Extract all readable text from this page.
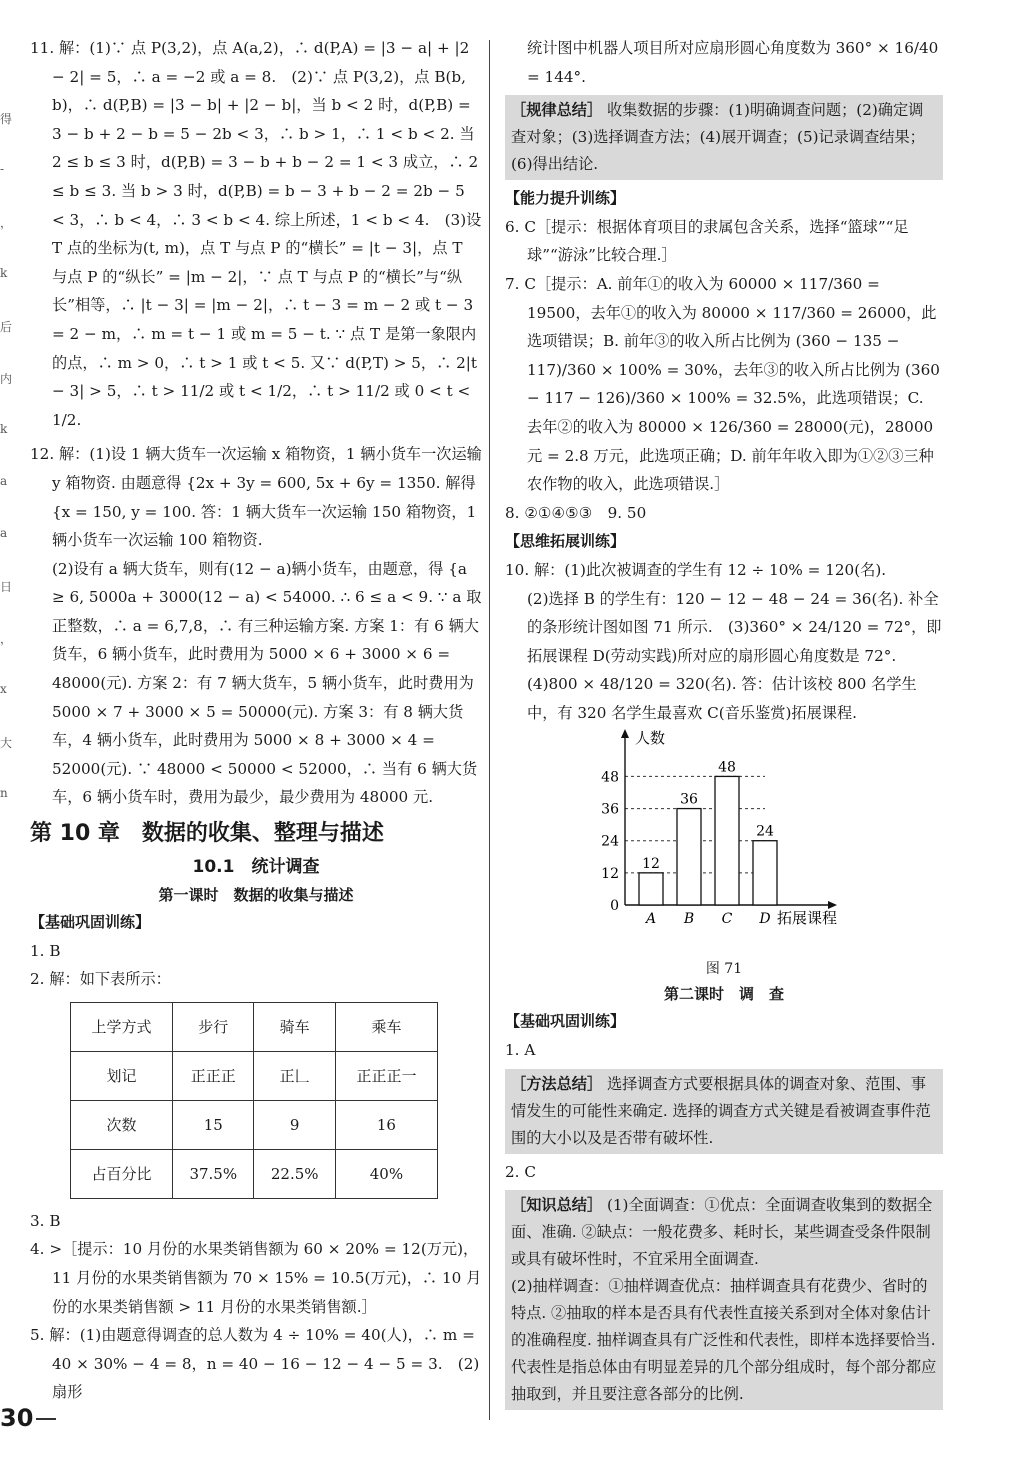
得
-
，
k
后
内
k
a
a
日
，
x
大
n

11. 解：(1)∵ 点 P(3,2)，点 A(a,2)，∴ d(P,A) = |3 − a| + |2 − 2| = 5，∴ a = −2 或 a = 8.　(2)∵ 点 P(3,2)，点 B(b, b)，∴ d(P,B) = |3 − b| + |2 − b|，当 b < 2 时，d(P,B) = 3 − b + 2 − b = 5 − 2b < 3，∴ b > 1，∴ 1 < b < 2. 当 2 ≤ b ≤ 3 时，d(P,B) = 3 − b + b − 2 = 1 < 3 成立，∴ 2 ≤ b ≤ 3. 当 b > 3 时，d(P,B) = b − 3 + b − 2 = 2b − 5 < 3，∴ b < 4，∴ 3 < b < 4. 综上所述，1 < b < 4.　(3)设 T 点的坐标为(t, m)，点 T 与点 P 的“横长” = |t − 3|，点 T 与点 P 的“纵长” = |m − 2|，∵ 点 T 与点 P 的“横长”与“纵长”相等，∴ |t − 3| = |m − 2|，∴ t − 3 = m − 2 或 t − 3 = 2 − m，∴ m = t − 1 或 m = 5 − t. ∵ 点 T 是第一象限内的点，∴ m > 0，∴ t > 1 或 t < 5. 又∵ d(P,T) > 5，∴ 2|t − 3| > 5，∴ t > 11/2 或 t < 1/2，∴ t > 11/2 或 0 < t < 1/2.

12. 解：(1)设 1 辆大货车一次运输 x 箱物资，1 辆小货车一次运输 y 箱物资. 由题意得 {2x + 3y = 600, 5x + 6y = 1350. 解得 {x = 150, y = 100. 答：1 辆大货车一次运输 150 箱物资，1 辆小货车一次运输 100 箱物资.

(2)设有 a 辆大货车，则有(12 − a)辆小货车，由题意，得 {a ≥ 6, 5000a + 3000(12 − a) < 54000. ∴ 6 ≤ a < 9. ∵ a 取正整数，∴ a = 6,7,8，∴ 有三种运输方案. 方案 1：有 6 辆大货车，6 辆小货车，此时费用为 5000 × 6 + 3000 × 6 = 48000(元). 方案 2：有 7 辆大货车，5 辆小货车，此时费用为 5000 × 7 + 3000 × 5 = 50000(元). 方案 3：有 8 辆大货车，4 辆小货车，此时费用为 5000 × 8 + 3000 × 4 = 52000(元). ∵ 48000 < 50000 < 52000，∴ 当有 6 辆大货车，6 辆小货车时，费用为最少，最少费用为 48000 元.

第 10 章　数据的收集、整理与描述

10.1　统计调查

第一课时　数据的收集与描述

【基础巩固训练】

1. B

2. 解：如下表所示：

上学方式	步行	骑车	乘车
划记	正正正	正𠃊	正正正一
次数	15	9	16
占百分比	37.5%	22.5%	40%

3. B

4. >［提示：10 月份的水果类销售额为 60 × 20% = 12(万元)，11 月份的水果类销售额为 70 × 15% = 10.5(万元)，∴ 10 月份的水果类销售额 > 11 月份的水果类销售额.］

5. 解：(1)由题意得调查的总人数为 4 ÷ 10% = 40(人)，∴ m = 40 × 30% − 4 = 8，n = 40 − 16 − 12 − 4 − 5 = 3.　(2)扇形

统计图中机器人项目所对应扇形圆心角度数为 360° × 16/40 = 144°.

［规律总结］ 收集数据的步骤：(1)明确调查问题；(2)确定调查对象；(3)选择调查方法；(4)展开调查；(5)记录调查结果；(6)得出结论.

【能力提升训练】

6. C［提示：根据体育项目的隶属包含关系，选择“篮球”“足球”“游泳”比较合理.］

7. C［提示：A. 前年①的收入为 60000 × 117/360 = 19500，去年①的收入为 80000 × 117/360 = 26000，此选项错误；B. 前年③的收入所占比例为 (360 − 135 − 117)/360 × 100% = 30%，去年③的收入所占比例为 (360 − 117 − 126)/360 × 100% = 32.5%，此选项错误；C. 去年②的收入为 80000 × 126/360 = 28000(元)，28000 元 = 2.8 万元，此选项正确；D. 前年年收入即为①②③三种农作物的收入，此选项错误.］

8. ②①④⑤③　9. 50

【思维拓展训练】

10. 解：(1)此次被调查的学生有 12 ÷ 10% = 120(名).
(2)选择 B 的学生有：120 − 12 − 48 − 24 = 36(名). 补全的条形统计图如图 71 所示.　(3)360° × 24/120 = 72°，即拓展课程 D(劳动实践)所对应的扇形圆心角度数是 72°.
(4)800 × 48/120 = 320(名). 答：估计该校 800 名学生中，有 320 名学生最喜欢 C(音乐鉴赏)拓展课程.

0
12
24
36
48
人数
拓展课程
12
A
36
B
48
C
24
D

图 71

第二课时　调　查

【基础巩固训练】

1. A

［方法总结］ 选择调查方式要根据具体的调查对象、范围、事情发生的可能性来确定. 选择的调查方式关键是看被调查事件范围的大小以及是否带有破坏性.

2. C

［知识总结］ (1)全面调查：①优点：全面调查收集到的数据全面、准确. ②缺点：一般花费多、耗时长，某些调查受条件限制或具有破坏性时，不宜采用全面调查.

(2)抽样调查：①抽样调查优点：抽样调查具有花费少、省时的特点. ②抽取的样本是否具有代表性直接关系到对全体对象估计的准确程度. 抽样调查具有广泛性和代表性，即样本选择要恰当. 代表性是指总体由有明显差异的几个部分组成时，每个部分都应抽取到，并且要注意各部分的比例.

30
